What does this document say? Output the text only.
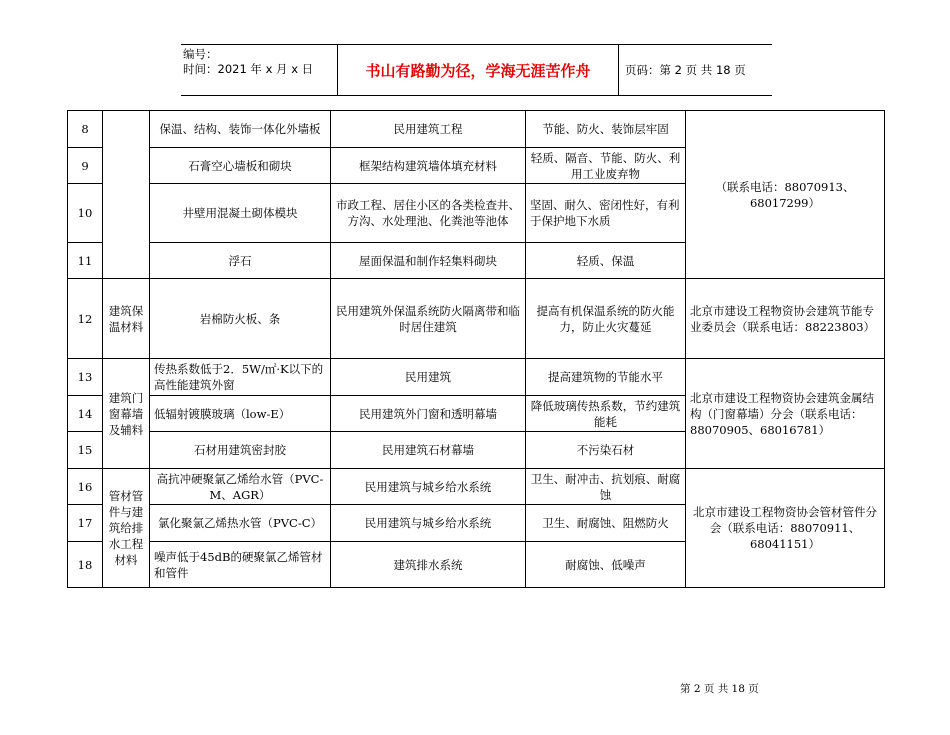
编号：
时间：2021 年 x 月 x 日	书山有路勤为径，学海无涯苦作舟	页码：第 2 页 共 18 页
8		保温、结构、装饰一体化外墙板	民用建筑工程	节能、防火、装饰层牢固	（联系电话：88070913、68017299）
9		石膏空心墙板和砌块	框架结构建筑墙体填充材料	轻质、隔音、节能、防火、利用工业废弃物	
10		井壁用混凝土砌体模块	市政工程、居住小区的各类检查井、方沟、水处理池、化粪池等池体	坚固、耐久、密闭性好，有利于保护地下水质	
11		浮石	屋面保温和制作轻集料砌块	轻质、保温	
12	建筑保温材料	岩棉防火板、条	民用建筑外保温系统防火隔离带和临时居住建筑	提高有机保温系统的防火能力，防止火灾蔓延	北京市建设工程物资协会建筑节能专业委员会（联系电话：88223803）
13	建筑门窗幕墙及辅料	传热系数低于2．5W/㎡·K以下的高性能建筑外窗	民用建筑	提高建筑物的节能水平	北京市建设工程物资协会建筑金属结构（门窗幕墙）分会（联系电话：88070905、68016781）
14		低辐射镀膜玻璃（low-E）	民用建筑外门窗和透明幕墙	降低玻璃传热系数，节约建筑能耗	
15		石材用建筑密封胶	民用建筑石材幕墙	不污染石材	
16	管材管件与建筑给排水工程材料	高抗冲硬聚氯乙烯给水管（PVC-M、AGR）	民用建筑与城乡给水系统	卫生、耐冲击、抗划痕、耐腐蚀	北京市建设工程物资协会管材管件分会（联系电话：88070911、68041151）
17		氯化聚氯乙烯热水管（PVC-C）	民用建筑与城乡给水系统	卫生、耐腐蚀、阻燃防火	
18		噪声低于45dB的硬聚氯乙烯管材和管件	建筑排水系统	耐腐蚀、低噪声	
第 2 页 共 18 页
